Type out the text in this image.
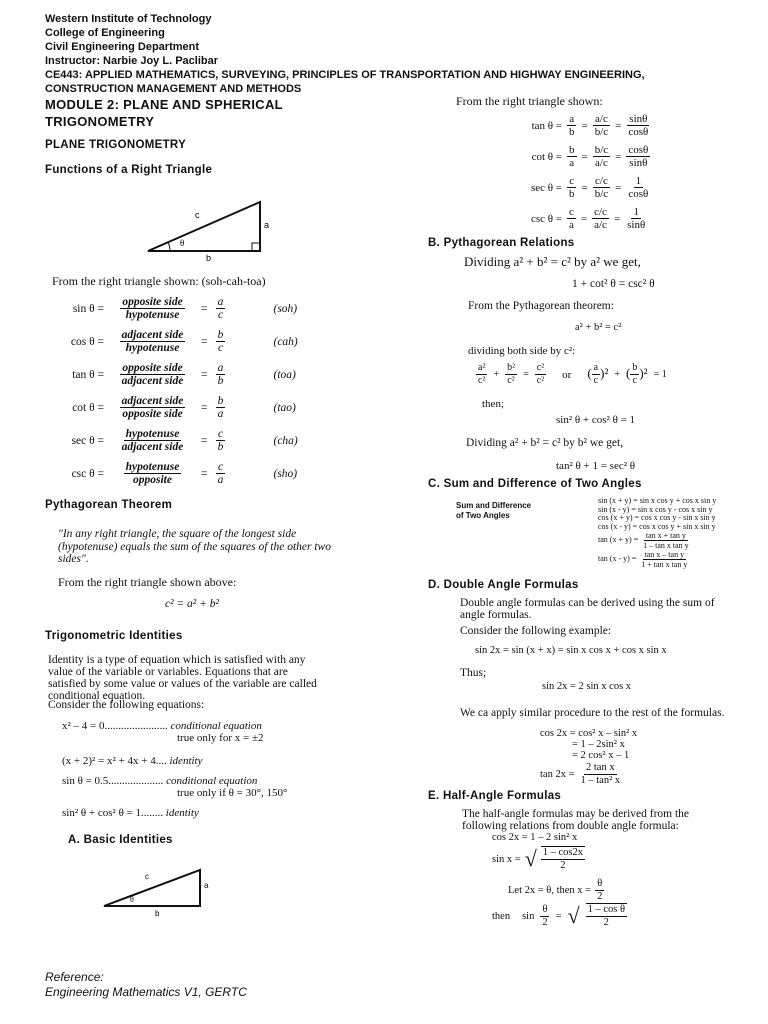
Western Institute of Technology
College of Engineering
Civil Engineering Department
Instructor: Narbie Joy L. Paclibar
CE443: APPLIED MATHEMATICS, SURVEYING, PRINCIPLES OF TRANSPORTATION AND HIGHWAY ENGINEERING,
CONSTRUCTION MANAGEMENT AND METHODS
MODULE 2: PLANE AND SPHERICAL
TRIGONOMETRY
PLANE TRIGONOMETRY
Functions of a Right Triangle
c
a
b
θ
From the right triangle shown: (soh-cah-toa)
$\sin \theta = \frac{\text{opposite side}}{\text{hypotenuse}} = \frac{a}{c}$	(soh)
$\cos \theta = \frac{\text{adjacent side}}{\text{hypotenuse}} = \frac{b}{c}$	(cah)
$\tan \theta = \frac{\text{opposite side}}{\text{adjacent side}} = \frac{a}{b}$	(toa)
$\cot \theta = \frac{\text{adjacent side}}{\text{opposite side}} = \frac{b}{a}$	(tao)
$\sec \theta = \frac{\text{hypotenuse}}{\text{adjacent side}} = \frac{c}{b}$	(cha)
$\csc \theta = \frac{\text{hypotenuse}}{\text{opposite}} = \frac{c}{a}$	(sho)
Pythagorean Theorem
"In any right triangle, the square of the longest side (hypotenuse) equals the sum of the squares of the other two sides".
From the right triangle shown above:
c² = a² + b²
Trigonometric Identities
Identity is a type of equation which is satisfied with any value of the variable or variables. Equations that are satisfied by some value or values of the variable are called conditional equation.
Consider the following equations:
x² – 4 = 0....................... conditional equation
true only for x = ±2
(x + 2)² = x² + 4x + 4.... identity
sin θ = 0.5.................... conditional equation
true only if θ = 30°, 150°
sin² θ + cos² θ = 1........ identity
A. Basic Identities
c
a
b
θ
From the right triangle shown:
$\tan \theta = \frac{a}{b} = \frac{a/c}{b/c} = \frac{\sin\theta}{\cos\theta}$
$\cot \theta = \frac{b}{a} = \frac{b/c}{a/c} = \frac{\cos\theta}{\sin\theta}$
$\sec \theta = \frac{c}{b} = \frac{c/c}{b/c} = \frac{1}{\cos\theta}$
$\csc \theta = \frac{c}{a} = \frac{c/c}{a/c} = \frac{1}{\sin\theta}$
B. Pythagorean Relations
Dividing a² + b² = c² by a² we get,
1 + cot² θ = csc² θ
From the Pythagorean theorem:
a² + b² = c²
dividing both side by c²:
$\frac{\text{a²}}{\text{c²}} + \frac{\text{b²}}{\text{c²}} = \frac{\text{c²}}{\text{c²}}$ or ( $\frac{a}{c} )^2$ + ( $\frac{b}{c} )^2 = 1$
then;
sin² θ + cos² θ = 1
Dividing a² + b² = c² by b² we get,
tan² θ + 1 = sec² θ
C. Sum and Difference of Two Angles
Sum and Difference of Two Angles
sin (x + y) = sin x cos y + cos x sin y
sin (x - y) = sin x cos y - cos x sin y
cos (x + y) = cos x cos y - sin x sin y
cos (x - y) = cos x cos y + sin x sin y
$\tan (x + y) = \frac{\text{tan x + tan y}}{\text{1 – tan x tan y}}$
$\tan (x - y) = \frac{\text{tan x – tan y}}{\text{1 + tan x tan y}}$
D. Double Angle Formulas
Double angle formulas can be derived using the sum of angle formulas.
Consider the following example:
sin 2x = sin (x + x) = sin x cos x + cos x sin x
Thus;
sin 2x = 2 sin x cos x
We ca apply similar procedure to the rest of the formulas.
cos 2x = cos² x – sin² x
= 1 – 2sin² x
= 2 cos² x – 1
$\tan 2x = \frac{\text{2 tan x}}{\text{1 – tan² x}}$
E. Half-Angle Formulas
The half-angle formulas may be derived from the following relations from double angle formula:
cos 2x = 1 – 2 sin² x
sin x = √ $\frac{1 - \cos 2x}{2}$
Let 2x = θ, then $x = \frac{\theta}{2}$
then $\sin \frac{\theta}{2}$ = √ $\frac{\text{1 – cos θ}}{2}$
Reference:
Engineering Mathematics V1, GERTC
